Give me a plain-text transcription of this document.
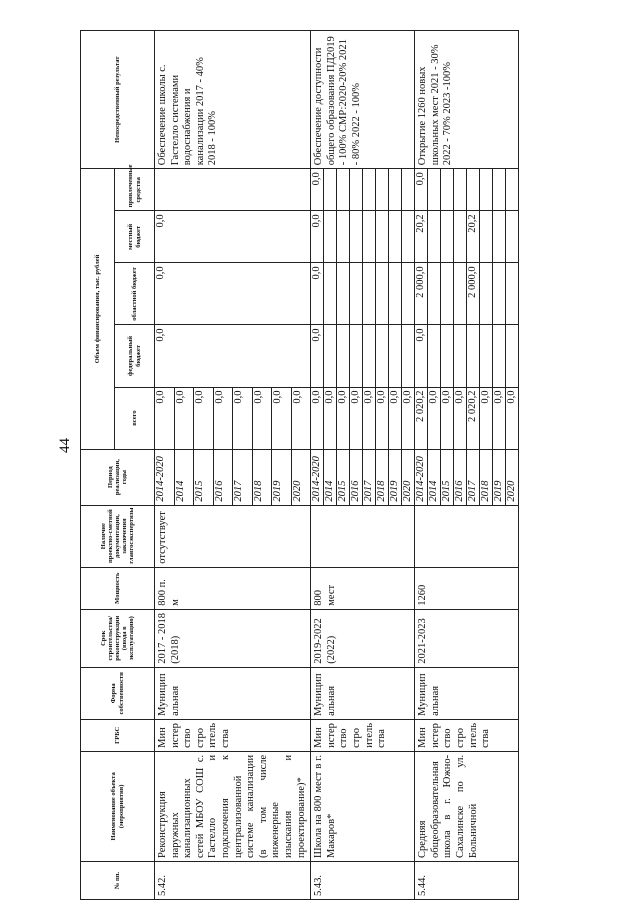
44
№ пп.	Наименование объекта (мероприятия)	ГРБС	Форма собственности	Срок строительства/реконструкции (ввода в эксплуатацию)	Мощность	Наличие проектно-сметной документации, заключения главгосэкспертизы	Период реализации, годы	Объем финансирования, тыс. рублей					Непосредственный результат
								всего	федеральный бюджет	областной бюджет	местный бюджет	привлеченные средства	
5.42.	Реконструкция наружных канализационных сетей МБОУ СОШ с. Гастелло и подключения к централизованной системе канализации (в том числе инженерные изыскания и проектирование)*	Министерство строительства	Муниципальная	2017 - 2018 (2018)	800 п. м	отсутствует	2014-2020	0,0	0,0	0,0	0,0		Обеспечение школы с. Гастелло системами водоснабжения и канализации 2017 - 40% 2018 - 100%
							2014	0,0					
							2015	0,0					
							2016	0,0					
							2017	0,0					
							2018	0,0					
							2019	0,0					
							2020	0,0					
5.43.	Школа на 800 мест в г. Макаров*	Министерство строительства	Муниципальная	2019-2022 (2022)	800 мест		2014-2020	0,0	0,0	0,0	0,0	0,0	Обеспечение доступности общего образования ПД2019 - 100% СМР:2020-20% 2021 - 80% 2022 - 100%
							2014	0,0					
							2015	0,0					
							2016	0,0					
							2017	0,0					
							2018	0,0					
							2019	0,0					
							2020	0,0					
5.44.	Средняя общеобразовательная школа в г. Южно-Сахалинске по ул. Больничной	Министерство строительства	Муниципальная	2021-2023	1260		2014-2020	2 020,2	0,0	2 000,0	20,2	0,0	Открытие 1260 новых школьных мест 2021 - 30% 2022 - 70% 2023 -100%
							2014	0,0					
							2015	0,0					
							2016	0,0					
							2017	2 020,2		2 000,0	20,2		
							2018	0,0					
							2019	0,0					
							2020	0,0					
